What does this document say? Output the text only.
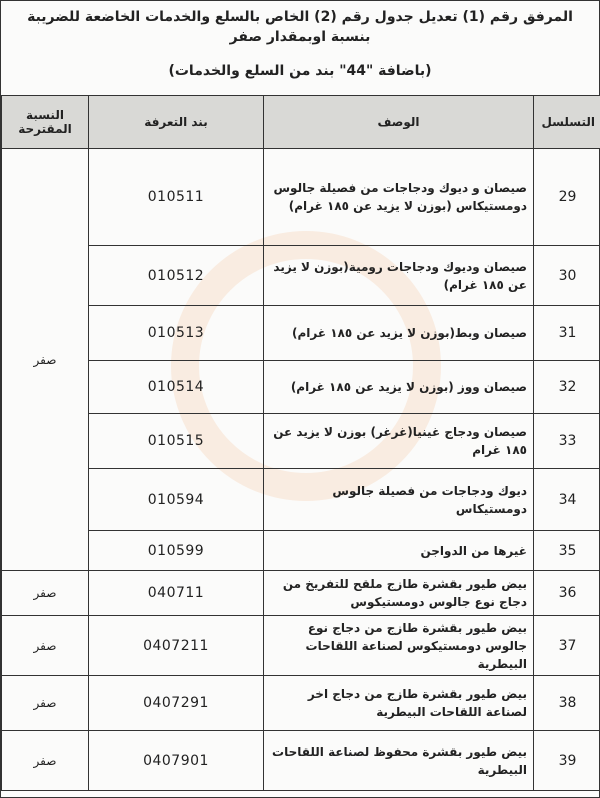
المرفق رقم (1) تعديل جدول رقم (2) الخاص بالسلع والخدمات الخاضعة للضريبة بنسبة اوبمقدار صفر
(باضافة "44" بند من السلع والخدمات)
التسلسل	الوصف	بند التعرفة	النسبة المقترحة
29	صيصان و ديوك ودجاجات من فصيلة جالوس دومستيكاس (بوزن لا يزيد عن ١٨٥ غرام)	010511	صفر
30	صيصان وديوك ودجاجات رومية(بوزن لا يزيد عن ١٨٥ غرام)	010512	
31	صيصان وبط(بوزن لا يزيد عن ١٨٥ غرام)	010513	
32	صيصان ووز (بوزن لا يزيد عن ١٨٥ غرام)	010514	
33	صيصان ودجاج غينيا(غرغر) بوزن لا يزيد عن ١٨٥ غرام	010515	
34	ديوك ودجاجات من فصيلة جالوس دومستيكاس	010594	
35	غيرها من الدواجن	010599	
36	بيض طيور بقشرة طازج ملقح للتفريخ من دجاج نوع جالوس دومستيكوس	040711	صفر
37	بيض طيور بقشرة طازج من دجاج نوع جالوس دومستيكوس لصناعة اللقاحات البيطرية	0407211	صفر
38	بيض طيور بقشرة طازج من دجاج اخر لصناعة اللقاحات البيطرية	0407291	صفر
39	بيض طيور بقشرة محفوظ لصناعة اللقاحات البيطرية	0407901	صفر
